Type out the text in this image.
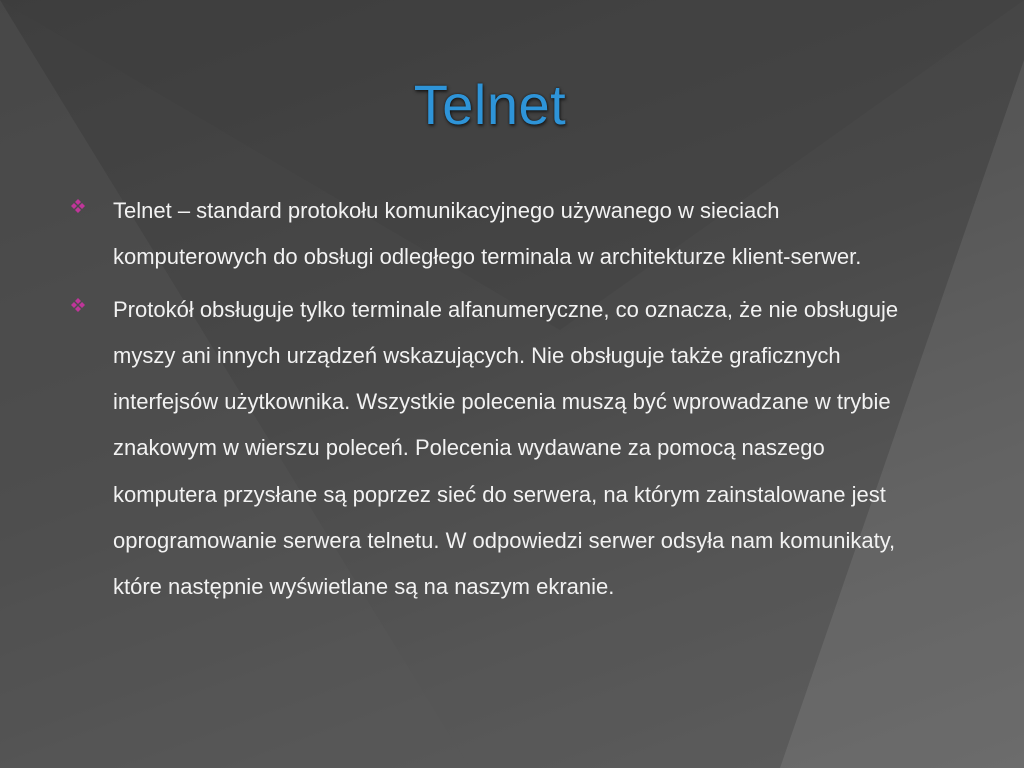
Telnet
Telnet – standard protokołu komunikacyjnego używanego w sieciach komputerowych do obsługi odległego terminala w architekturze klient-serwer.
Protokół obsługuje tylko terminale alfanumeryczne, co oznacza, że nie obsługuje myszy ani innych urządzeń wskazujących. Nie obsługuje także graficznych interfejsów użytkownika. Wszystkie polecenia muszą być wprowadzane w trybie znakowym w wierszu poleceń. Polecenia wydawane za pomocą naszego komputera przysłane są poprzez sieć do serwera, na którym zainstalowane jest oprogramowanie serwera telnetu. W odpowiedzi serwer odsyła nam komunikaty, które następnie wyświetlane są na naszym ekranie.
